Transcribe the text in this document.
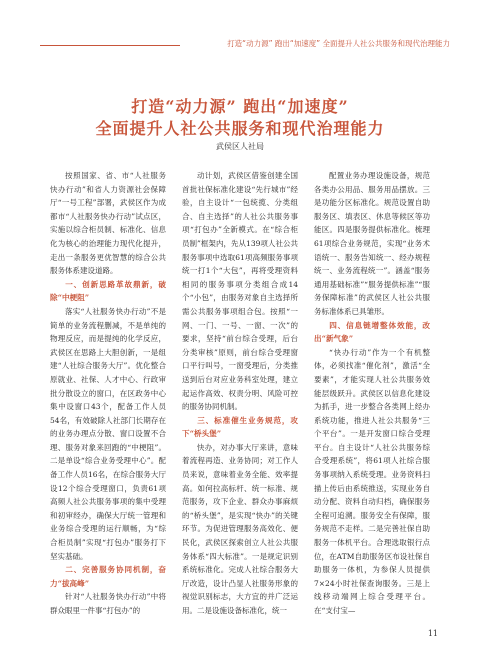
打造“动力源” 跑出“加速度” 全面提升人社公共服务和现代治理能力
打造“动力源” 跑出“加速度”
全面提升人社公共服务和现代治理能力
武侯区人社局

按照国家、省、市“人社服务快办行动”和省人力资源社会保障厅“一号工程”部署，武侯区作为成都市“人社服务快办行动”试点区，实施以综合柜员制、标准化、信息化为核心的治理能力现代化提升，走出一条服务更优智慧的综合公共服务体系建设道路。

一、创新思路革故鼎新，破除“中梗阻”

落实“人社服务快办行动”不是简单的业务流程删减，不是单纯的物理反应，而是提纯的化学反应，武侯区在思路上大胆创新，一是组建“人社综合服务大厅”。优化整合原就业、社保、人才中心、行政审批分散设立的窗口，在区政务中心集中设窗口43个，配备工作人员54名，有效破除人社部门长期存在的业务办理点分散、窗口设置不合理、服务对象来回跑的“中梗阻”。二是单设“综合业务受理中心”。配备工作人员16名，在综合服务大厅设12个综合受理窗口，负责61项高频人社公共服务事项的集中受理和初审经办，确保大厅统一管理和业务综合受理的运行顺畅，为“综合柜员制”实现“打包办”服务打下坚实基础。

二、完善服务协同机制，奋力“拔高峰”

针对“人社服务快办行动”中将群众眼里一件事“打包办”的

动计划，武侯区借鉴创建全国首批社保标准化建设“先行城市”经验，自主设计“一包统揽、分类组合、自主选择”的人社公共服务事项“打包办”全新模式。在“综合柜员制”框架内，先从139项人社公共服务事项中选取61项高频服务事项统一打1个“大包”，再将受理资料相同的服务事项分类组合成14个“小包”，由服务对象自主选择所需公共服务事项组合包。按照“一网、一门、一号、一窗、一次”的要求，坚持“前台综合受理，后台分类审核”原则，前台综合受理窗口平行叫号，一窗受理后，分类推送到后台对应业务科室处理，建立起运作高效、权责分明、风险可控的服务协同机制。

三、标准催生业务规范，攻下“桥头堡”

快办，对办事大厅来讲，意味着流程再造、业务协同；对工作人员来说，意味着业务全能、效率提高。如何拉高标杆、统一标准、规范服务，攻下企业、群众办事麻烦的“桥头堡”，是实现“快办”的关键环节。为促进管理服务高效化、便民化，武侯区探索创立人社公共服务体系“四大标准”。一是规定识别系统标准化。完成人社综合服务大厅改造，设计凸显人社服务形象的视觉识别标志，大方宜的并广泛运用。二是设施设备标准化，统一

配置业务办理设施设备，规范各类办公用品、服务用品摆放。三是功能分区标准化。规范设置自助服务区、填表区、休息等候区等功能区。四是服务提供标准化。梳理61项综合业务规范，实现“业务术语统一、服务告知统一、经办规程统一、业务流程统一”。涵盖“服务通用基础标准”“服务提供标准”“服务保障标准”的武侯区人社公共服务标准体系已具雏形。

四、信息链增整体效能，改出“新气象”

“快办行动”作为一个有机整体，必须找准“催化剂”，激活“全要素”，才能实现人社公共服务效能层级跃升。武侯区以信息化建设为抓手，进一步整合各类网上经办系统功能，推进人社公共服务“三个平台”。一是开发窗口综合受理平台。自主设计“人社公共服务综合受理系统”，将61项人社综合服务事项纳入系统受理。业务资料扫描上传后由系统推送，实现业务自动分配、资料自动归档，确保服务全程可追溯。服务安全有保障，服务规范不走样。二是完善社保自助服务一体机平台。合理选取银行点位，在ATM自助服务区布设社保自助服务一体机，为参保人员提供7×24小时社保查询服务。三是上线移动端网上综合受理平台。在“支付宝—

11
